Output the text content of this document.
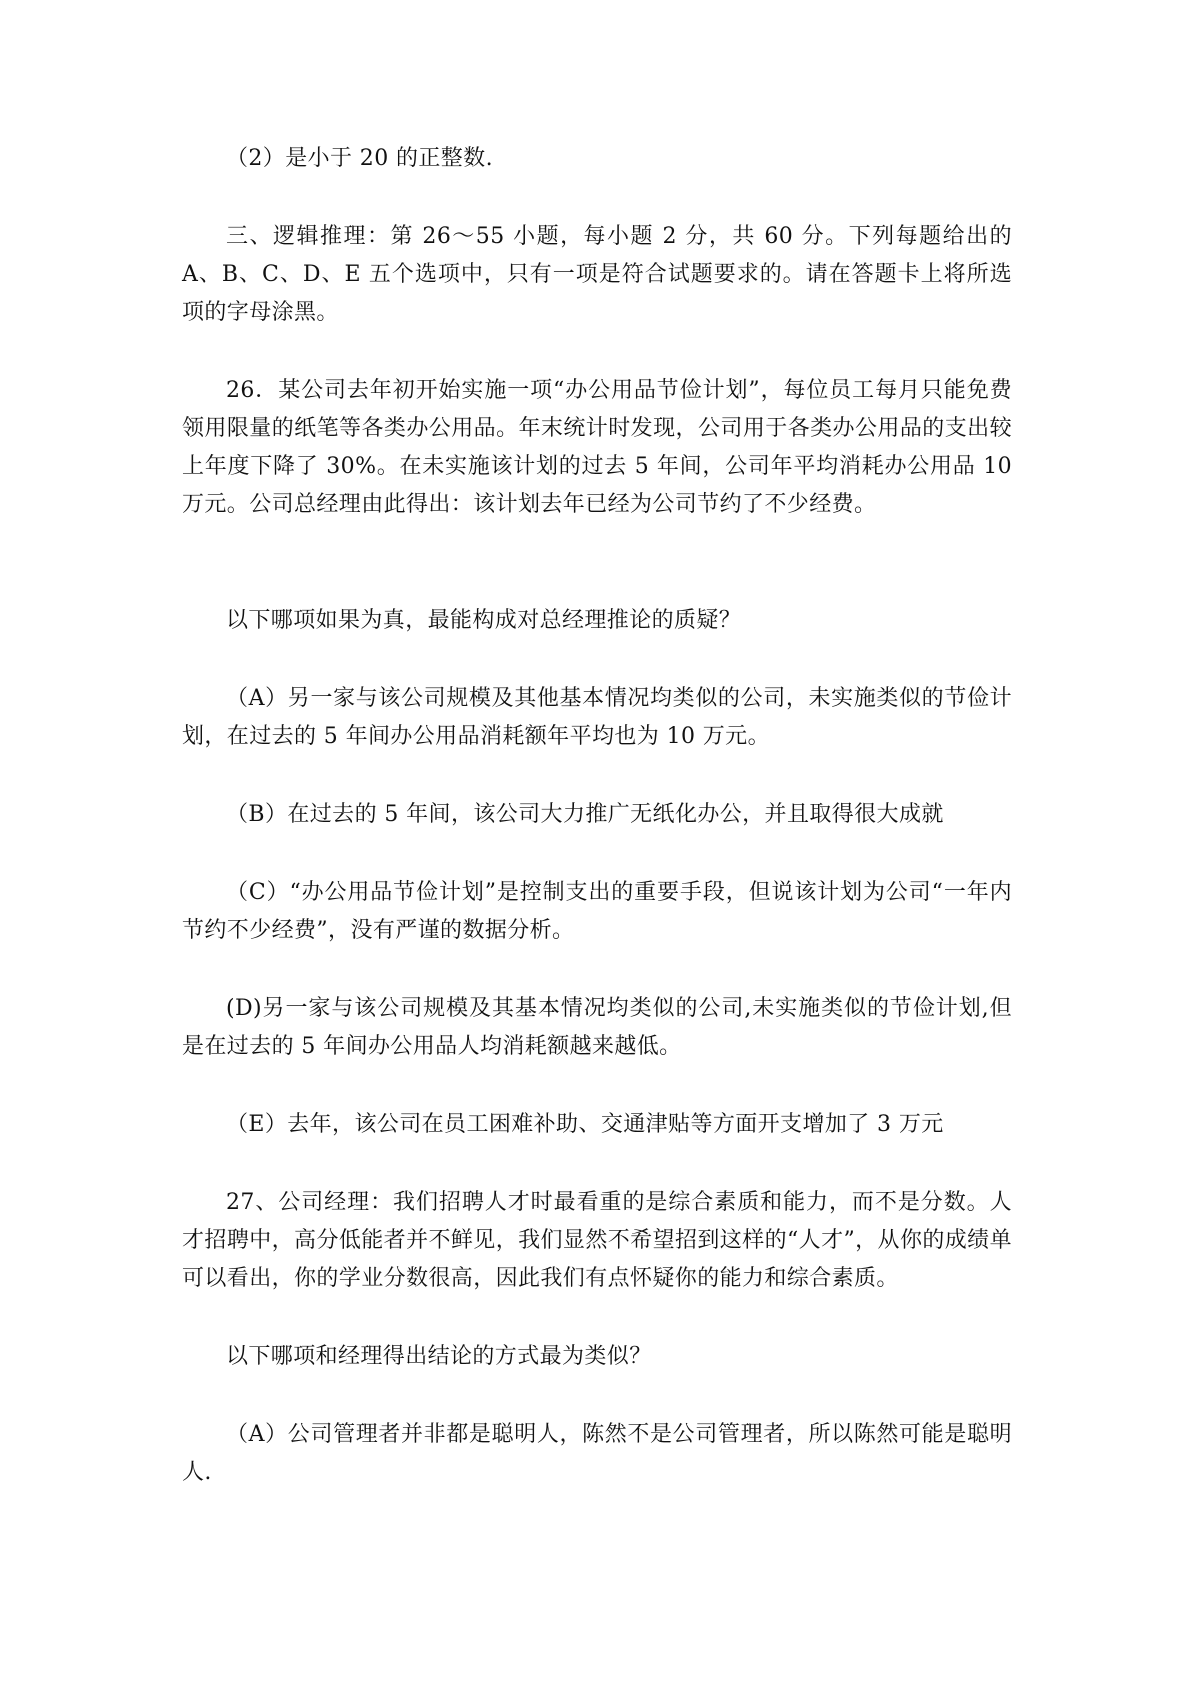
（2）是小于 20 的正整数.

三、逻辑推理：第 26～55 小题，每小题 2 分，共 60 分。下列每题给出的 A、B、C、D、E 五个选项中，只有一项是符合试题要求的。请在答题卡上将所选项的字母涂黑。

26．某公司去年初开始实施一项“办公用品节俭计划”，每位员工每月只能免费领用限量的纸笔等各类办公用品。年末统计时发现，公司用于各类办公用品的支出较上年度下降了 30%。在未实施该计划的过去 5 年间，公司年平均消耗办公用品 10 万元。公司总经理由此得出：该计划去年已经为公司节约了不少经费。

以下哪项如果为真，最能构成对总经理推论的质疑？

（A）另一家与该公司规模及其他基本情况均类似的公司，未实施类似的节俭计划，在过去的 5 年间办公用品消耗额年平均也为 10 万元。

（B）在过去的 5 年间，该公司大力推广无纸化办公，并且取得很大成就

（C）“办公用品节俭计划”是控制支出的重要手段，但说该计划为公司“一年内节约不少经费”，没有严谨的数据分析。

(D)另一家与该公司规模及其基本情况均类似的公司,未实施类似的节俭计划,但是在过去的 5 年间办公用品人均消耗额越来越低。

（E）去年，该公司在员工困难补助、交通津贴等方面开支增加了 3 万元

27、公司经理：我们招聘人才时最看重的是综合素质和能力，而不是分数。人才招聘中，高分低能者并不鲜见，我们显然不希望招到这样的“人才”，从你的成绩单可以看出，你的学业分数很高，因此我们有点怀疑你的能力和综合素质。

以下哪项和经理得出结论的方式最为类似？

（A）公司管理者并非都是聪明人，陈然不是公司管理者，所以陈然可能是聪明人.
